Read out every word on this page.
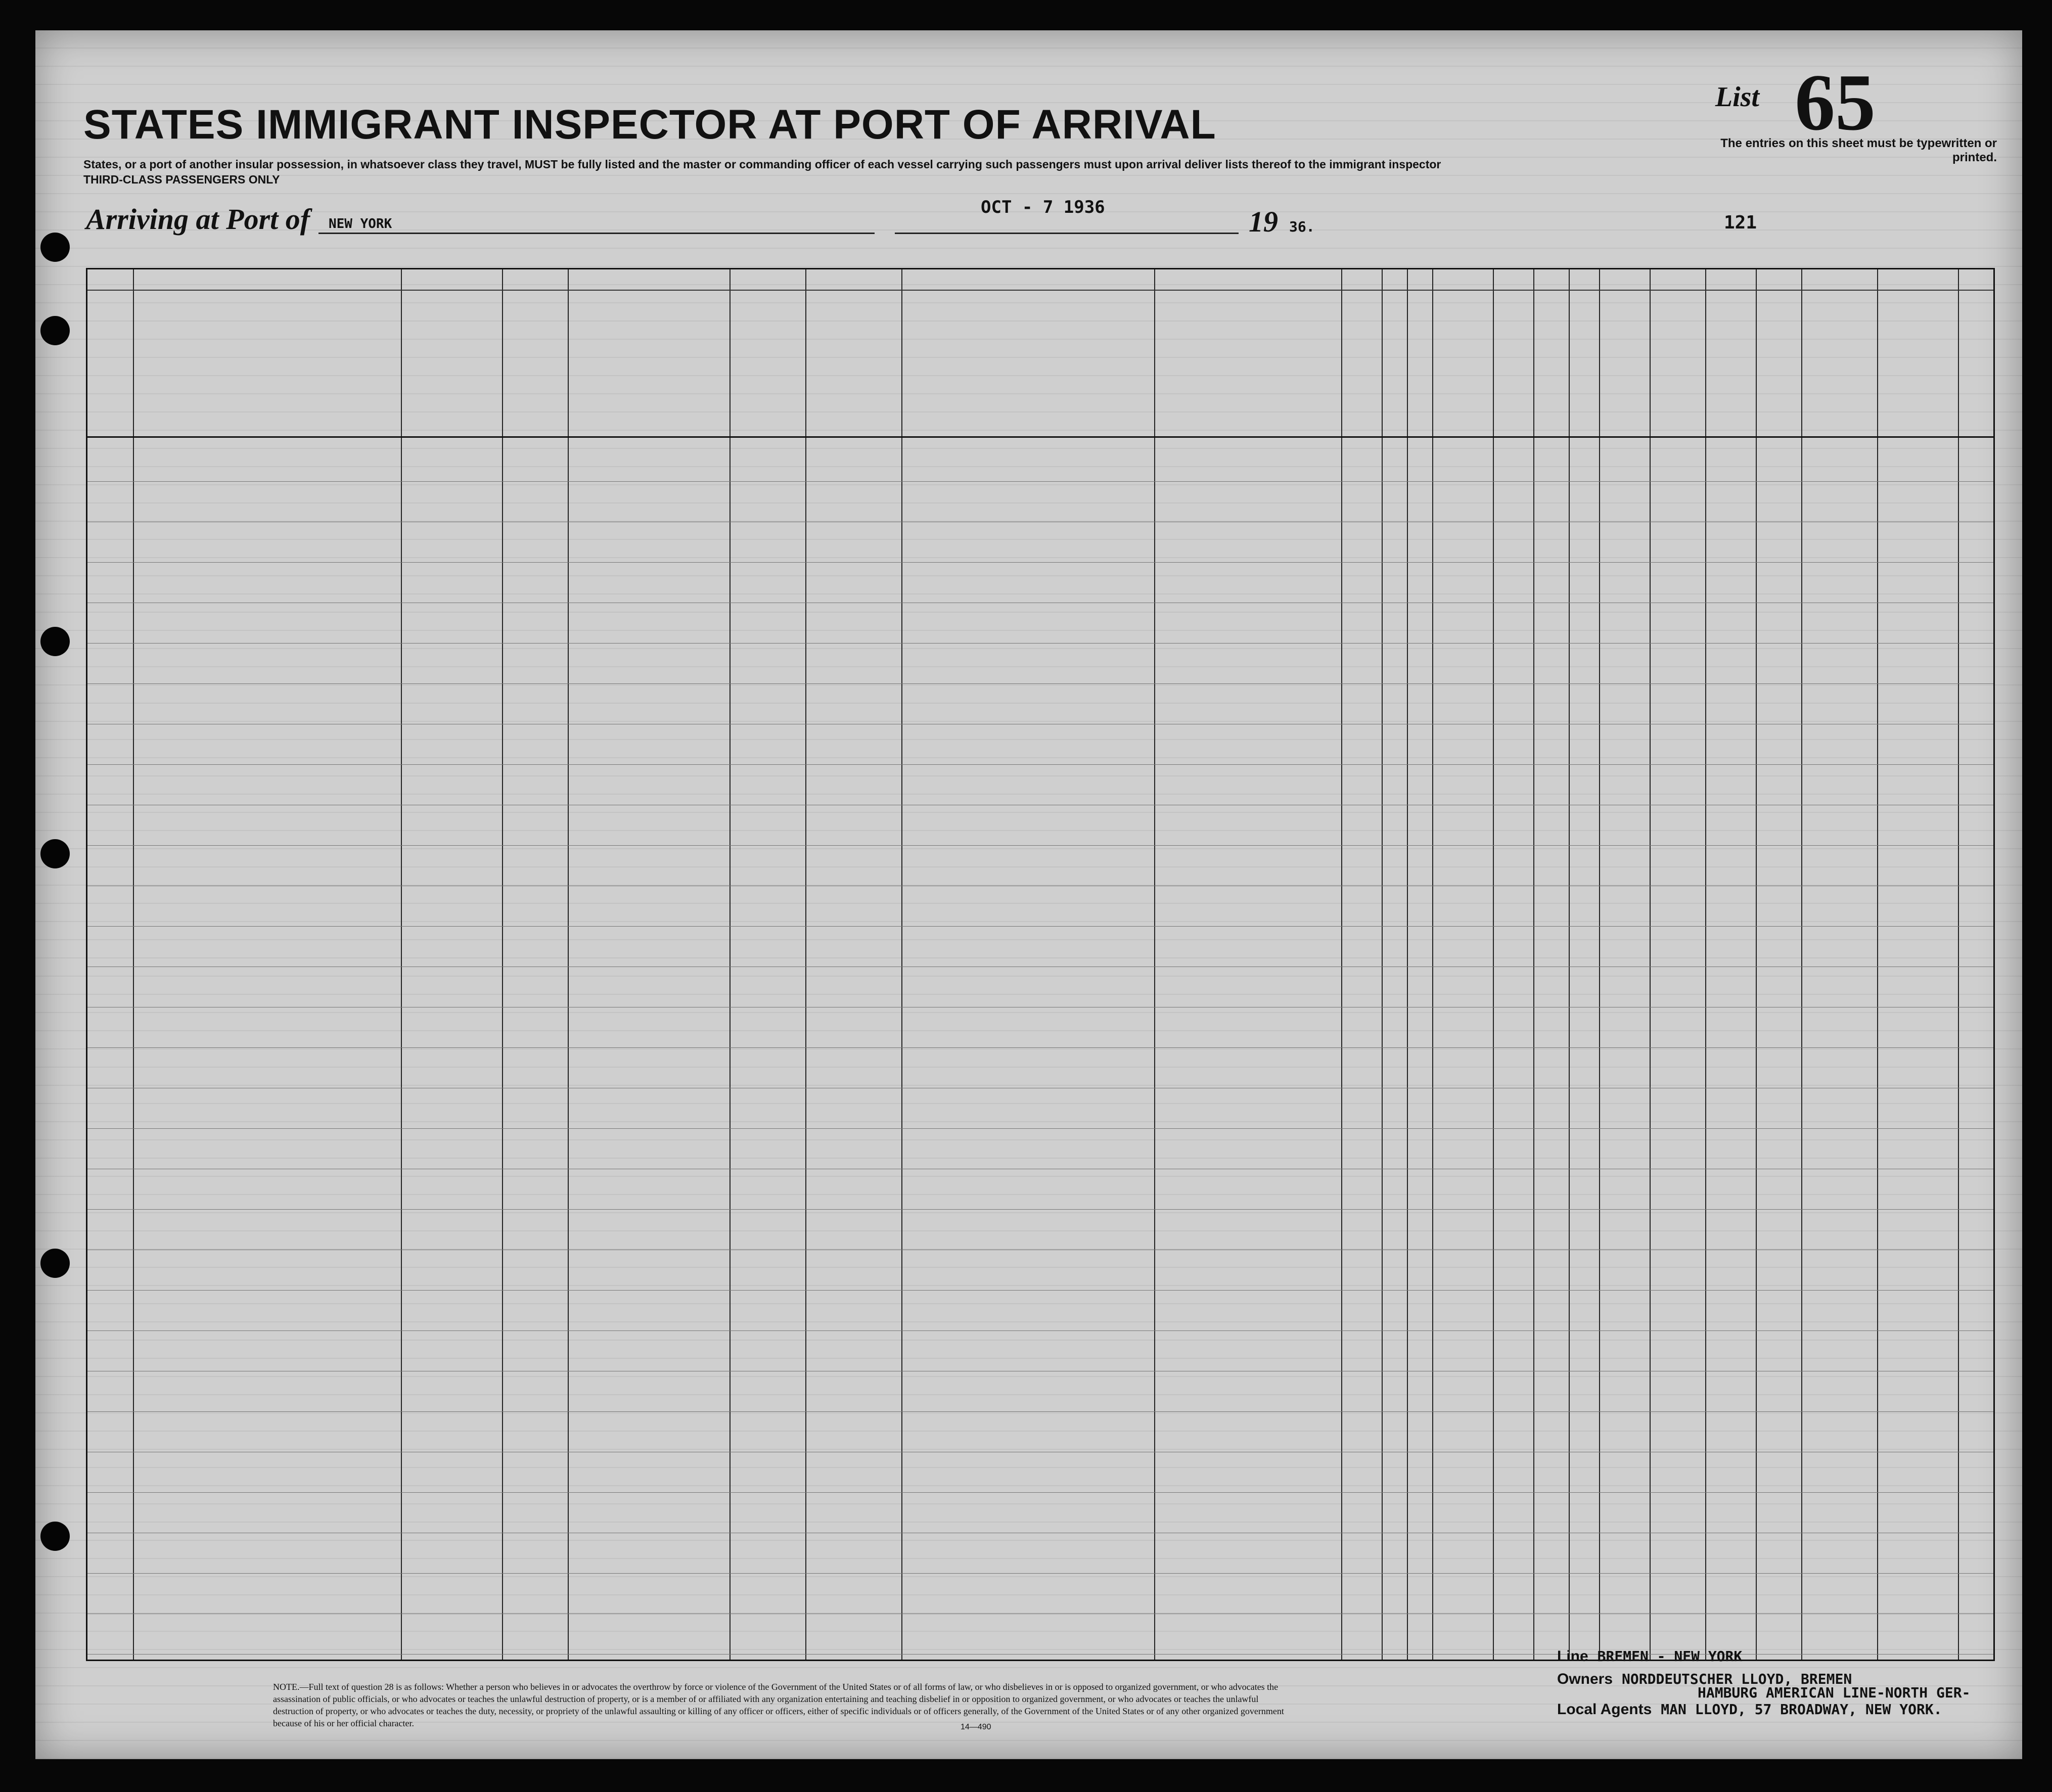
65
List
STATES IMMIGRANT INSPECTOR AT PORT OF ARRIVAL	The entries on this sheet must be typewritten or printed.
States, or a port of another insular possession, in whatsoever class they travel, MUST be fully listed and the master or commanding officer of each vessel carrying such passengers must upon arrival deliver lists thereof to the immigrant inspector
THIRD-CLASS PASSENGERS ONLY
Arriving at Port of NEW YORK
OCT - 7 1936	19 36.	121
NOTE.—Full text of question 28 is as follows: Whether a person who believes in or advocates the overthrow by force or violence of the Government of the United States or of all forms of law, or who disbelieves in or is opposed to organized government, or who advocates the assassination of public officials, or who advocates or teaches the unlawful destruction of property, or is a member of or affiliated with any organization entertaining and teaching disbelief in or opposition to organized government, or who advocates or teaches the unlawful destruction of property, or who advocates or teaches the duty, necessity, or propriety of the unlawful assaulting or killing of any officer or officers, either of specific individuals or of officers generally, of the Government of the United States or of any other organized government because of his or her official character.	14—490
Line BREMEN - NEW YORK
Owners NORDDEUTSCHER LLOYD, BREMEN
HAMBURG AMERICAN LINE-NORTH GER-
Local Agents MAN LLOYD, 57 BROADWAY, NEW YORK.
